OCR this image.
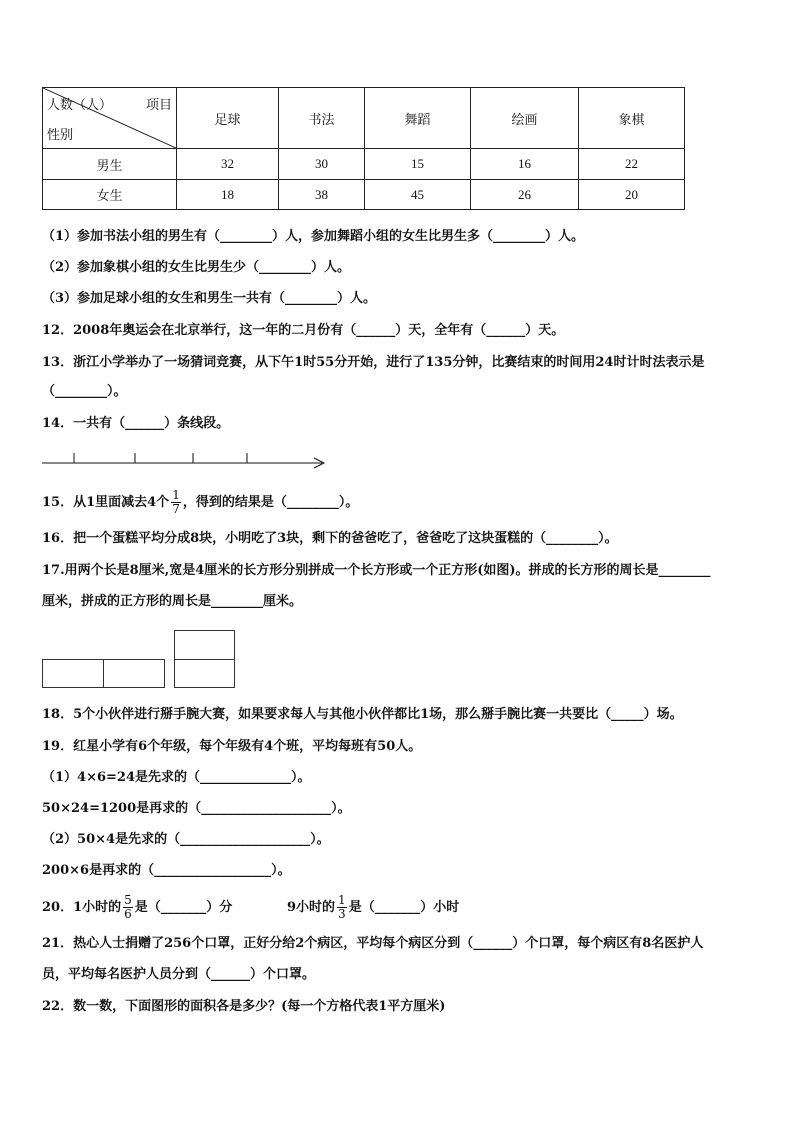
人数（人） 项目
性别	足球	书法	舞蹈	绘画	象棋
男生	32	30	15	16	22
女生	18	38	45	26	20
（1）参加书法小组的男生有（________）人，参加舞蹈小组的女生比男生多（________）人。
（2）参加象棋小组的女生比男生少（________）人。
（3）参加足球小组的女生和男生一共有（________）人。
12．2008年奥运会在北京举行，这一年的二月份有（______）天，全年有（______）天。
13．浙江小学举办了一场猜词竞赛，从下午1时55分开始，进行了135分钟，比赛结束的时间用24时计时法表示是
（________）。
14．一共有（______）条线段。
15．从1里面减去4个 $\frac{1}{7}$ ，得到的结果是（________）。
16．把一个蛋糕平均分成8块，小明吃了3块，剩下的爸爸吃了，爸爸吃了这块蛋糕的（________）。
17.用两个长是8厘米,宽是4厘米的长方形分别拼成一个长方形或一个正方形(如图)。拼成的长方形的周长是________
厘米，拼成的正方形的周长是________厘米。
18．5个小伙伴进行掰手腕大赛，如果要求每人与其他小伙伴都比1场，那么掰手腕比赛一共要比（_____）场。
19．红星小学有6个年级，每个年级有4个班，平均每班有50人。
（1）4×6=24是先求的（______________）。
50×24=1200是再求的（____________________）。
（2）50×4是先求的（____________________）。
200×6是再求的（__________________）。
20．1小时的 $\frac{5}{6}$ 是（_______）分	9小时的 $\frac{1}{3}$ 是（_______）小时
21．热心人士捐赠了256个口罩，正好分给2个病区，平均每个病区分到（______）个口罩，每个病区有8名医护人
员，平均每名医护人员分到（______）个口罩。
22．数一数，下面图形的面积各是多少？(每一个方格代表1平方厘米)
